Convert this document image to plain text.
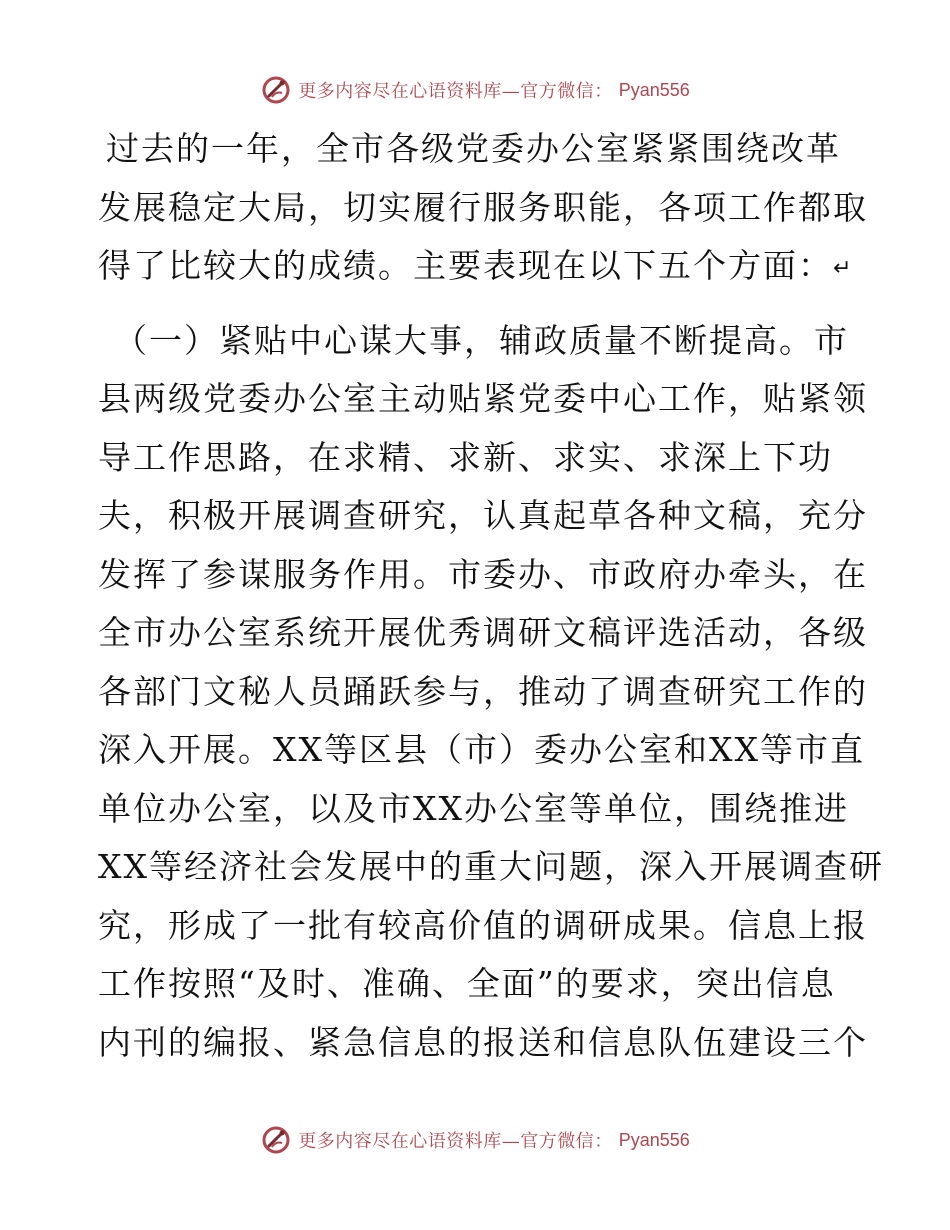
更多内容尽在心语资料库—官方微信： Pyan556

过去的一年，全市各级党委办公室紧紧围绕改革
发展稳定大局，切实履行服务职能，各项工作都取
得了比较大的成绩。主要表现在以下五个方面：↵

（一）紧贴中心谋大事，辅政质量不断提高。市
县两级党委办公室主动贴紧党委中心工作，贴紧领
导工作思路，在求精、求新、求实、求深上下功
夫，积极开展调查研究，认真起草各种文稿，充分
发挥了参谋服务作用。市委办、市政府办牵头，在
全市办公室系统开展优秀调研文稿评选活动，各级
各部门文秘人员踊跃参与，推动了调查研究工作的
深入开展。XX等区县（市）委办公室和XX等市直
单位办公室，以及市XX办公室等单位，围绕推进
XX等经济社会发展中的重大问题，深入开展调查研
究，形成了一批有较高价值的调研成果。信息上报
工作按照“及时、准确、全面”的要求，突出信息
内刊的编报、紧急信息的报送和信息队伍建设三个

更多内容尽在心语资料库—官方微信： Pyan556
